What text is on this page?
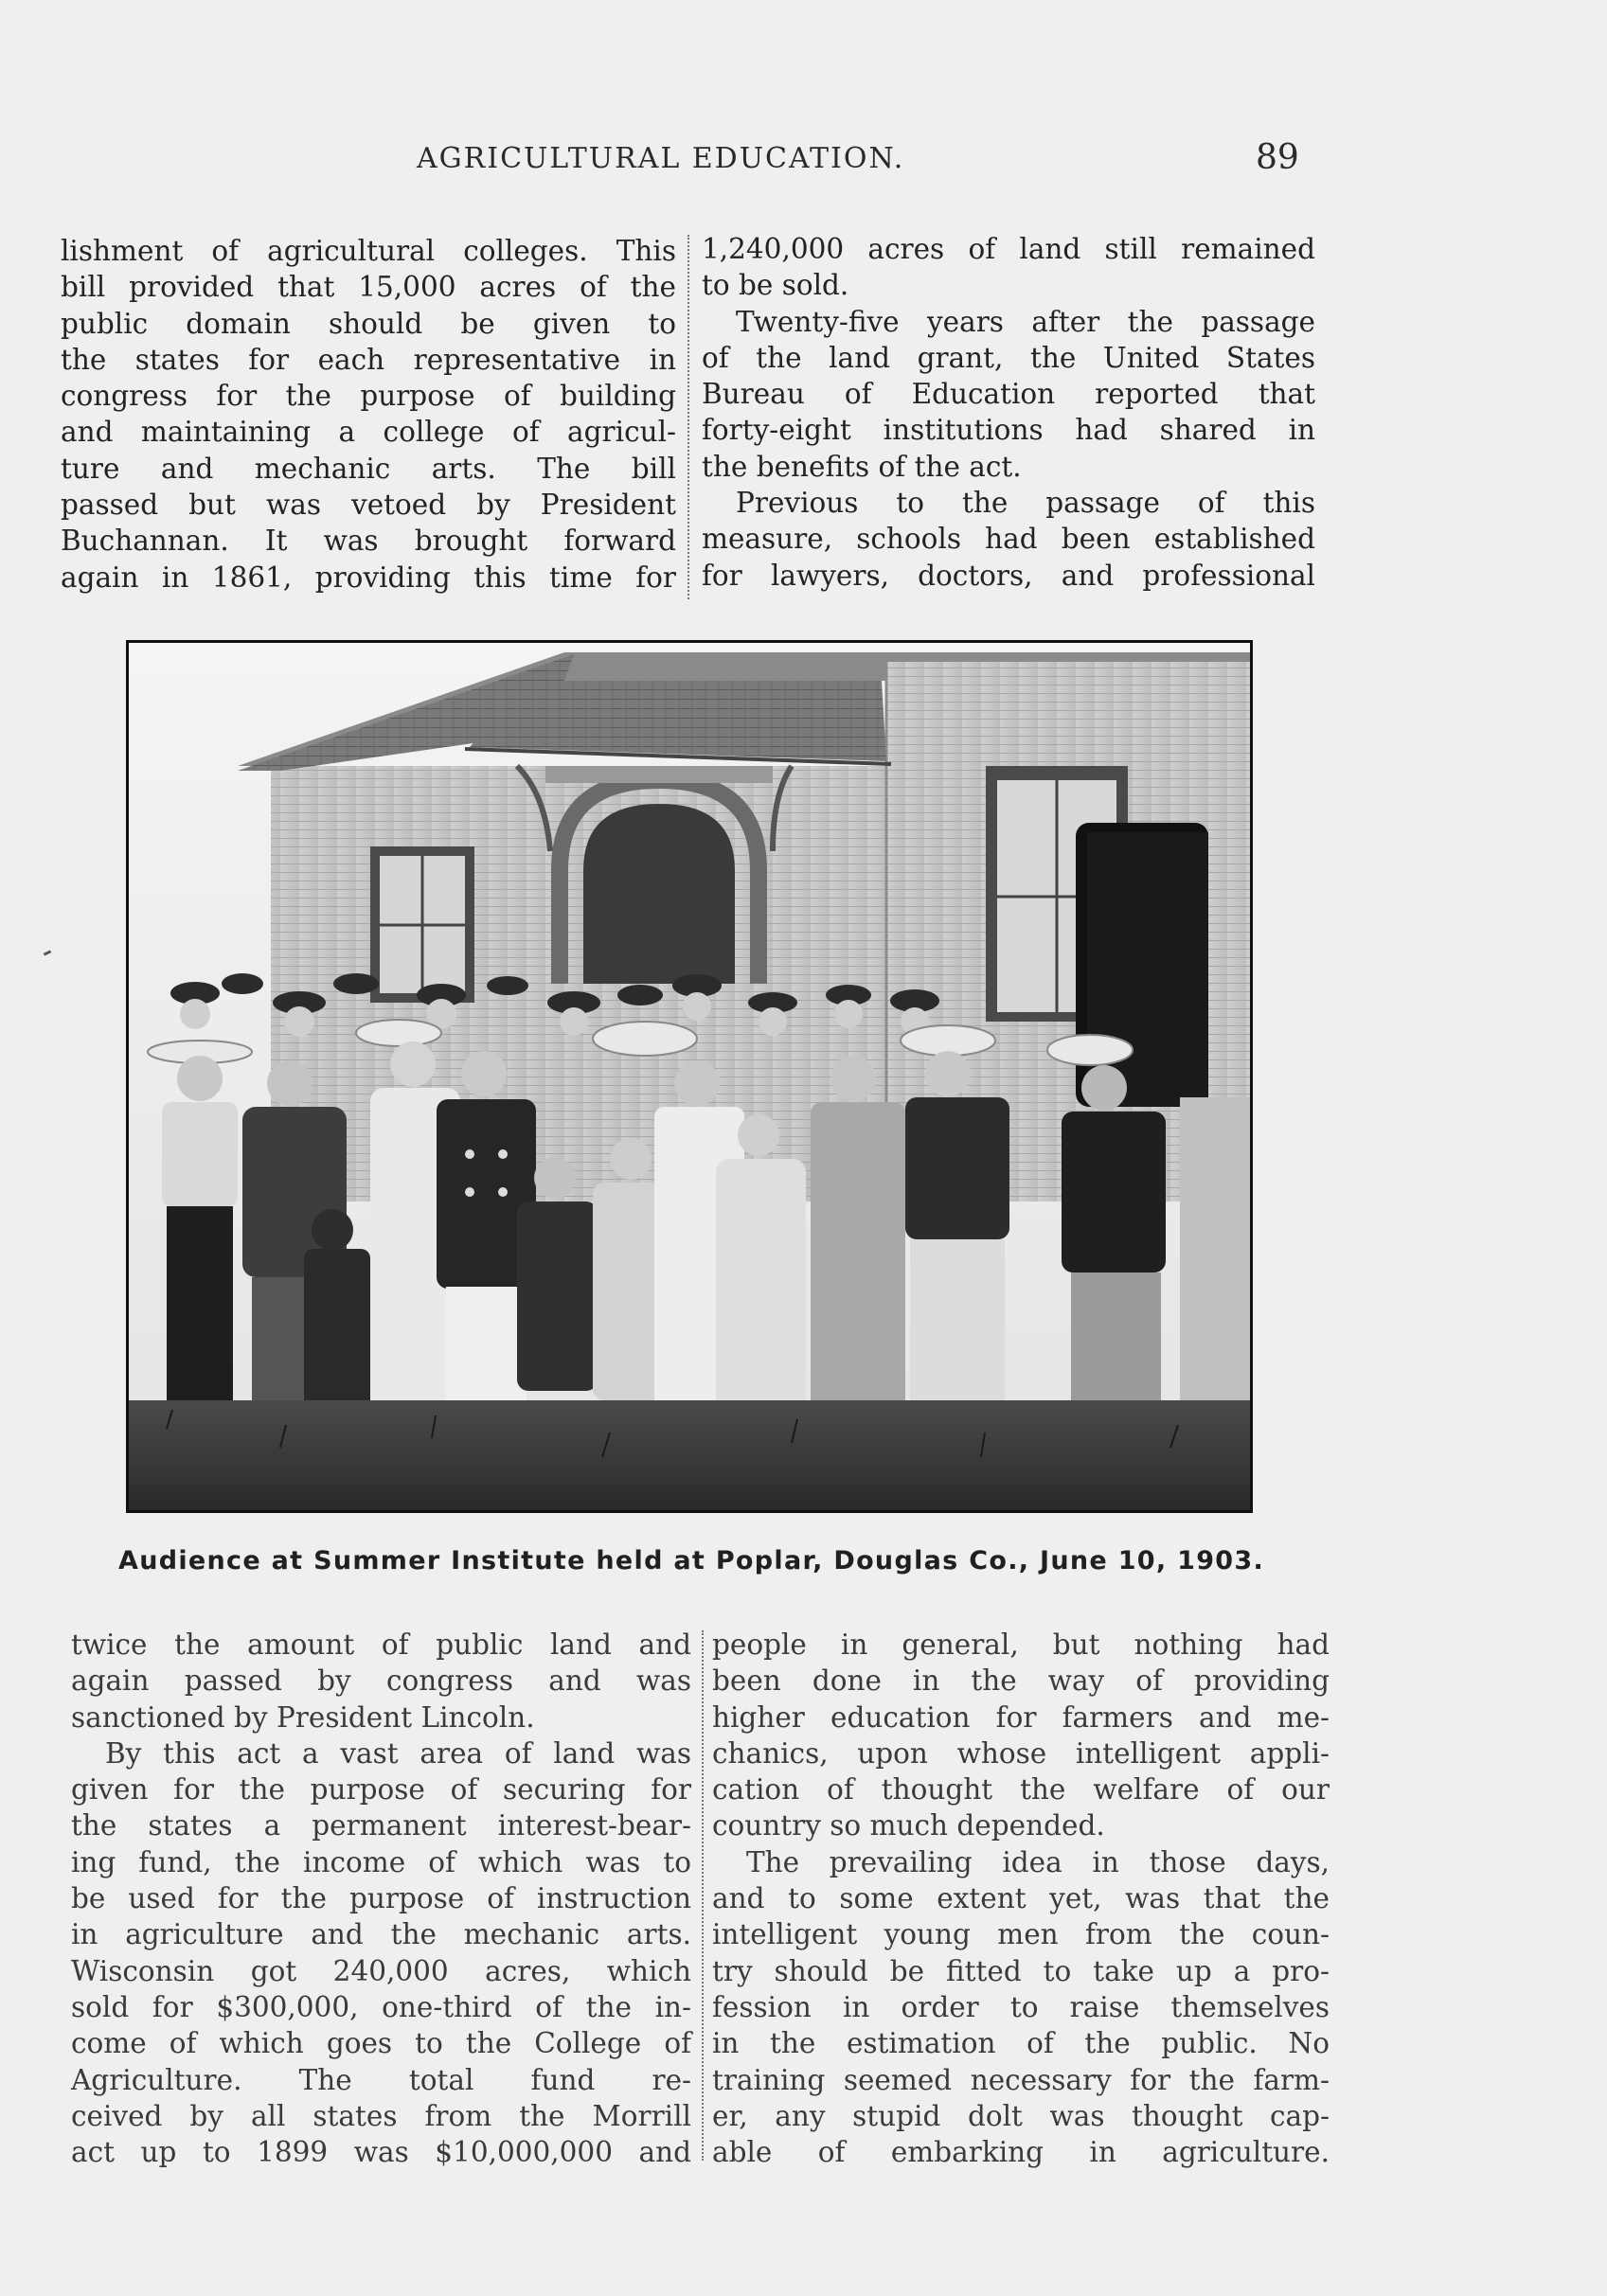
AGRICULTURAL EDUCATION.	89
lishment of agricultural colleges. This
bill provided that 15,000 acres of the
public domain should be given to
the states for each representative in
congress for the purpose of building
and maintaining a college of agricul-
ture and mechanic arts. The bill
passed but was vetoed by President
Buchannan. It was brought forward
again in 1861, providing this time for
1,240,000 acres of land still remained
to be sold.
Twenty-five years after the passage
of the land grant, the United States
Bureau of Education reported that
forty-eight institutions had shared in
the benefits of the act.
Previous to the passage of this
measure, schools had been established
for lawyers, doctors, and professional
Audience at Summer Institute held at Poplar, Douglas Co., June 10, 1903.
twice the amount of public land and
again passed by congress and was
sanctioned by President Lincoln.
By this act a vast area of land was
given for the purpose of securing for
the states a permanent interest-bear-
ing fund, the income of which was to
be used for the purpose of instruction
in agriculture and the mechanic arts.
Wisconsin got 240,000 acres, which
sold for $300,000, one-third of the in-
come of which goes to the College of
Agriculture. The total fund re-
ceived by all states from the Morrill
act up to 1899 was $10,000,000 and
people in general, but nothing had
been done in the way of providing
higher education for farmers and me-
chanics, upon whose intelligent appli-
cation of thought the welfare of our
country so much depended.
The prevailing idea in those days,
and to some extent yet, was that the
intelligent young men from the coun-
try should be fitted to take up a pro-
fession in order to raise themselves
in the estimation of the public. No
training seemed necessary for the farm-
er, any stupid dolt was thought cap-
able of embarking in agriculture.
